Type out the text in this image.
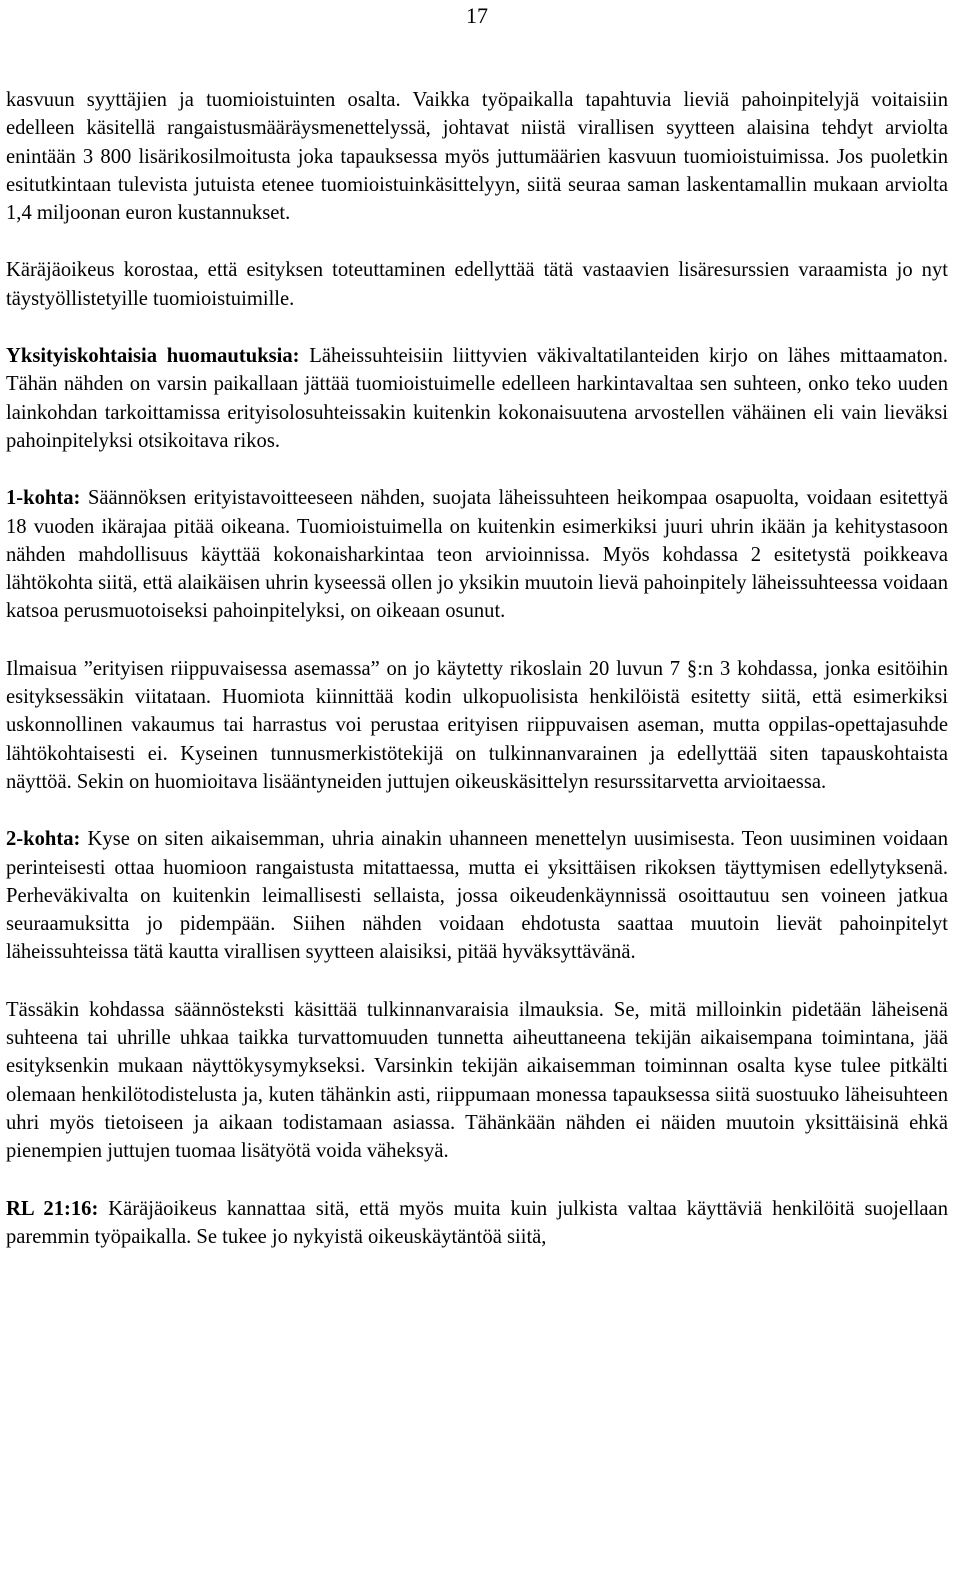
17

kasvuun syyttäjien ja tuomioistuinten osalta. Vaikka työpaikalla tapahtuvia lieviä pahoinpitelyjä voitaisiin edelleen käsitellä rangaistusmääräysmenettelyssä, johtavat niistä virallisen syytteen alaisina tehdyt arviolta enintään 3 800 lisärikosilmoitusta joka tapauksessa myös juttumäärien kasvuun tuomioistuimissa. Jos puoletkin esitutkintaan tulevista jutuista etenee tuomioistuinkäsittelyyn, siitä seuraa saman laskentamallin mukaan arviolta 1,4 miljoonan euron kustannukset.

Käräjäoikeus korostaa, että esityksen toteuttaminen edellyttää tätä vastaavien lisäresurssien varaamista jo nyt täystyöllistetyille tuomioistuimille.

Yksityiskohtaisia huomautuksia: Läheissuhteisiin liittyvien väkivaltatilanteiden kirjo on lähes mittaamaton. Tähän nähden on varsin paikallaan jättää tuomioistuimelle edelleen harkintavaltaa sen suhteen, onko teko uuden lainkohdan tarkoittamissa erityisolosuhteissakin kuitenkin kokonaisuutena arvostellen vähäinen eli vain lieväksi pahoinpitelyksi otsikoitava rikos.

1-kohta: Säännöksen erityistavoitteeseen nähden, suojata läheissuhteen heikompaa osapuolta, voidaan esitettyä 18 vuoden ikärajaa pitää oikeana. Tuomioistuimella on kuitenkin esimerkiksi juuri uhrin ikään ja kehitystasoon nähden mahdollisuus käyttää kokonaisharkintaa teon arvioinnissa. Myös kohdassa 2 esitetystä poikkeava lähtökohta siitä, että alaikäisen uhrin kyseessä ollen jo yksikin muutoin lievä pahoinpitely läheissuhteessa voidaan katsoa perusmuotoiseksi pahoinpitelyksi, on oikeaan osunut.

Ilmaisua ”erityisen riippuvaisessa asemassa” on jo käytetty rikoslain 20 luvun 7 §:n 3 kohdassa, jonka esitöihin esityksessäkin viitataan. Huomiota kiinnittää kodin ulkopuolisista henkilöistä esitetty siitä, että esimerkiksi uskonnollinen vakaumus tai harrastus voi perustaa erityisen riippuvaisen aseman, mutta oppilas-opettajasuhde lähtökohtaisesti ei. Kyseinen tunnusmerkistötekijä on tulkinnanvarainen ja edellyttää siten tapauskohtaista näyttöä. Sekin on huomioitava lisääntyneiden juttujen oikeuskäsittelyn resurssitarvetta arvioitaessa.

2-kohta: Kyse on siten aikaisemman, uhria ainakin uhanneen menettelyn uusimisesta. Teon uusiminen voidaan perinteisesti ottaa huomioon rangaistusta mitattaessa, mutta ei yksittäisen rikoksen täyttymisen edellytyksenä. Perheväkivalta on kuitenkin leimallisesti sellaista, jossa oikeudenkäynnissä osoittautuu sen voineen jatkua seuraamuksitta jo pidempään. Siihen nähden voidaan ehdotusta saattaa muutoin lievät pahoinpitelyt läheissuhteissa tätä kautta virallisen syytteen alaisiksi, pitää hyväksyttävänä.

Tässäkin kohdassa säännösteksti käsittää tulkinnanvaraisia ilmauksia. Se, mitä milloinkin pidetään läheisenä suhteena tai uhrille uhkaa taikka turvattomuuden tunnetta aiheuttaneena tekijän aikaisempana toimintana, jää esityksenkin mukaan näyttökysymykseksi. Varsinkin tekijän aikaisemman toiminnan osalta kyse tulee pitkälti olemaan henkilötodistelusta ja, kuten tähänkin asti, riippumaan monessa tapauksessa siitä suostuuko läheisuhteen uhri myös tietoiseen ja aikaan todistamaan asiassa. Tähänkään nähden ei näiden muutoin yksittäisinä ehkä pienempien juttujen tuomaa lisätyötä voida väheksyä.

RL 21:16: Käräjäoikeus kannattaa sitä, että myös muita kuin julkista valtaa käyttäviä henkilöitä suojellaan paremmin työpaikalla. Se tukee jo nykyistä oikeuskäytäntöä siitä,
